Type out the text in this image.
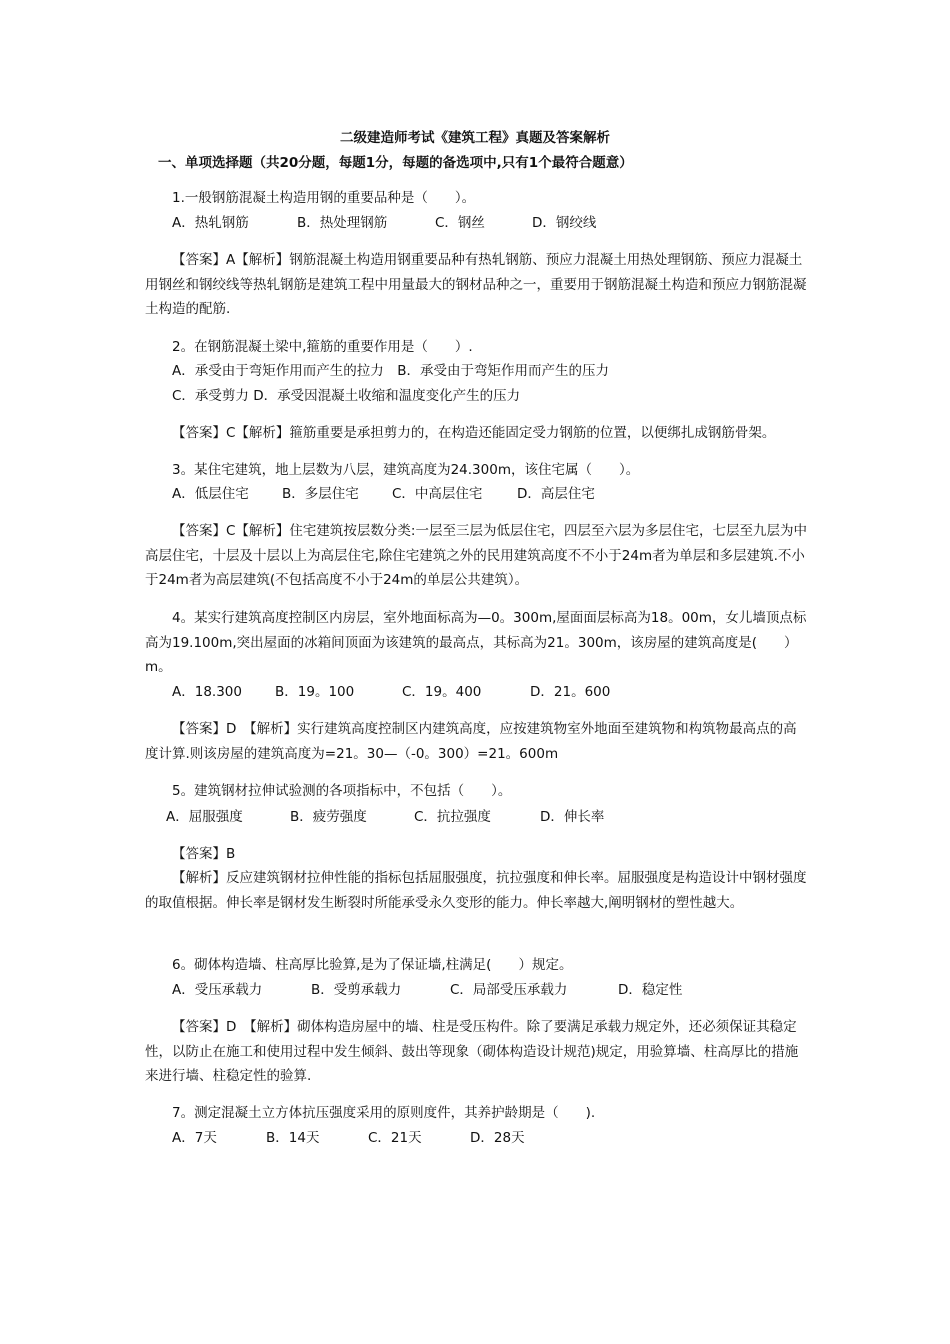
二级建造师考试《建筑工程》真题及答案解析
一、单项选择题（共20分题，每题1分，每题的备选项中,只有1个最符合题意）
1.一般钢筋混凝土构造用钢的重要品种是（　　）。
A．热轧钢筋	B．热处理钢筋	C．钢丝	D．钢绞线
【答案】A【解析】钢筋混凝土构造用钢重要品种有热轧钢筋、预应力混凝土用热处理钢筋、预应力混凝土用钢丝和钢绞线等热轧钢筋是建筑工程中用量最大的钢材品种之一，重要用于钢筋混凝土构造和预应力钢筋混凝土构造的配筋.
2。在钢筋混凝土梁中,箍筋的重要作用是（　　）.
A．承受由于弯矩作用而产生的拉力　B．承受由于弯矩作用而产生的压力
C．承受剪力 D．承受因混凝土收缩和温度变化产生的压力
【答案】C【解析】箍筋重要是承担剪力的，在构造还能固定受力钢筋的位置，以便绑扎成钢筋骨架。
3。某住宅建筑，地上层数为八层，建筑高度为24.300m，该住宅属（　　）。
A．低层住宅 B．多层住宅 C．中高层住宅	D．高层住宅
【答案】C【解析】住宅建筑按层数分类:一层至三层为低层住宅，四层至六层为多层住宅，七层至九层为中高层住宅，十层及十层以上为高层住宅,除住宅建筑之外的民用建筑高度不不小于24m者为单层和多层建筑.不小于24m者为高层建筑(不包括高度不小于24m的单层公共建筑）。
4。某实行建筑高度控制区内房层，室外地面标高为—0。300m,屋面面层标高为18。00m，女儿墙顶点标高为19.100m,突出屋面的冰箱间顶面为该建筑的最高点，其标高为21。300m，该房屋的建筑高度是(　　）m。
A．18.300 B．19。100	C．19。400	D．21。600
【答案】D　【解析】实行建筑高度控制区内建筑高度，应按建筑物室外地面至建筑物和构筑物最高点的高度计算.则该房屋的建筑高度为=21。30—（-0。300）=21。600m
5。建筑钢材拉伸试验测的各项指标中，不包括（　　）。
A．屈服强度	B．疲劳强度	C．抗拉强度	D．伸长率
【答案】B
【解析】反应建筑钢材拉伸性能的指标包括屈服强度，抗拉强度和伸长率。屈服强度是构造设计中钢材强度的取值根据。伸长率是钢材发生断裂时所能承受永久变形的能力。伸长率越大,阐明钢材的塑性越大。
6。砌体构造墙、柱高厚比验算,是为了保证墙,柱满足(　　）规定。
A．受压承载力	B．受剪承载力	C．局部受压承载力	D．稳定性
【答案】D　【解析】砌体构造房屋中的墙、柱是受压构件。除了要满足承载力规定外，还必须保证其稳定性，以防止在施工和使用过程中发生倾斜、鼓出等现象（砌体构造设计规范)规定，用验算墙、柱高厚比的措施来进行墙、柱稳定性的验算.
7。测定混凝土立方体抗压强度采用的原则度件，其养护龄期是（　　).
A．7天	B．14天	C．21天	D．28天
